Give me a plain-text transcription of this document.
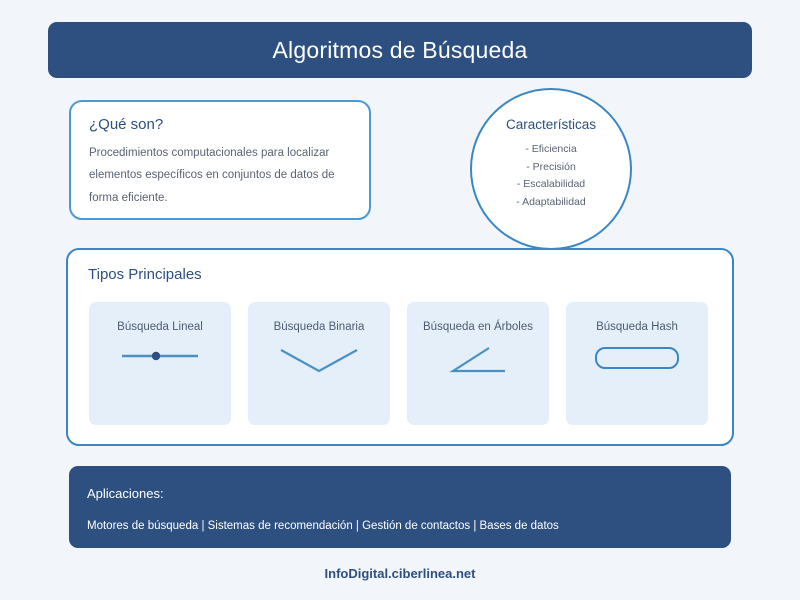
Algoritmos de Búsqueda
¿Qué son?

Procedimientos computacionales para localizar elementos específicos en conjuntos de datos de forma eficiente.

Características
- Eficiencia
- Precisión
- Escalabilidad
- Adaptabilidad
Tipos Principales
Búsqueda Lineal	Búsqueda Binaria	Búsqueda en Árboles	Búsqueda Hash
Aplicaciones:
Motores de búsqueda | Sistemas de recomendación | Gestión de contactos | Bases de datos
InfoDigital.ciberlinea.net
